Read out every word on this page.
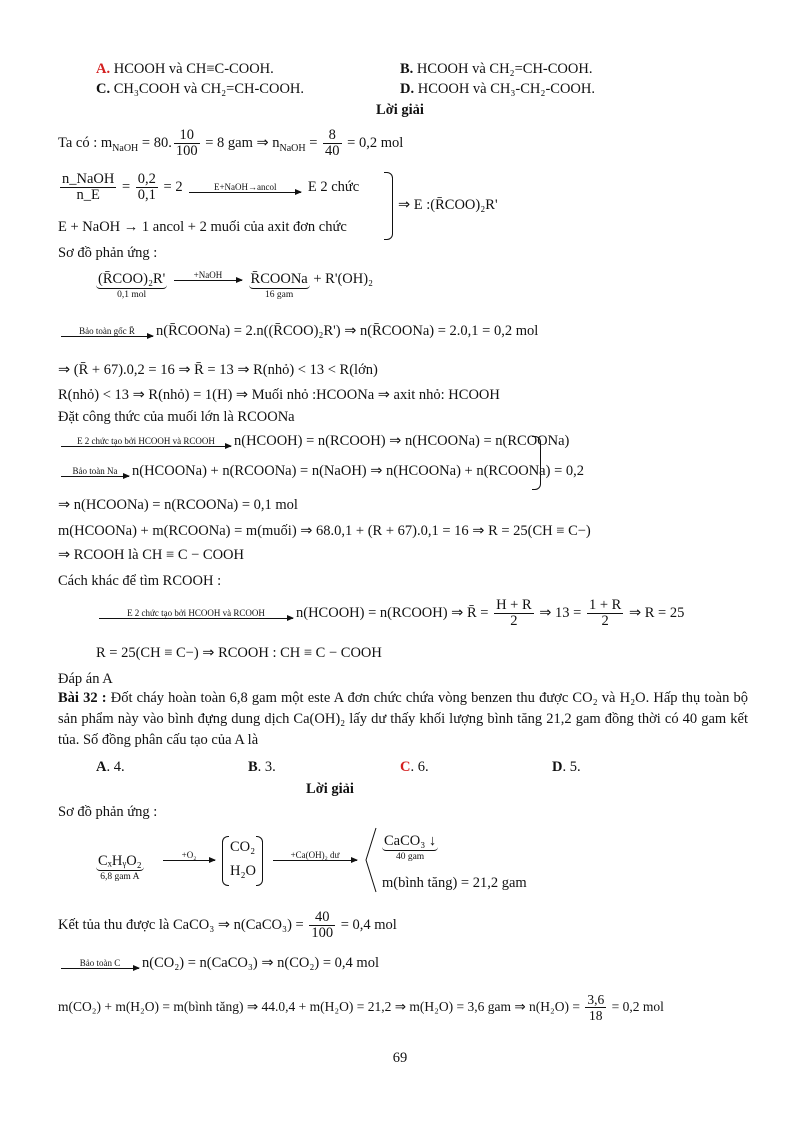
A. HCOOH và CH≡C-COOH.	B. HCOOH và CH₂=CH-COOH.
C. CH₃COOH và CH₂=CH-COOH.	D. HCOOH và CH₃-CH₂-COOH.
Lời giải
Ta có : $m_{NaOH} = 80$. $\frac{10}{100} = 8$ gam ⇒ $n_{NaOH} = \frac{8}{40} = 0,2$ mol
$\frac{\text{n\_NaOH}}{n\_E} = \frac{0,2}{0,1} = 2$	E+NaOH→ancol	E 2 chức
E + NaOH → 1 ancol + 2 muối của axit đơn chức
⇒ E :(R̄COO)₂R'
Sơ đồ phản ứng :
(R̄COO)₂R'
0,1 mol

+NaOH
	R̄COONa
16 gam
+ R'(OH)₂
Bảo toàn gốc R̄	n(R̄COONa) = 2.n((R̄COO)₂R') ⇒ n(R̄COONa) = 2.0,1 = 0,2 mol
⇒ (R̄ + 67).0,2 = 16 ⇒ R̄ = 13 ⇒ R(nhỏ) < 13 < R(lớn)
R(nhỏ) < 13 ⇒ R(nhỏ) = 1(H) ⇒ Muối nhỏ :HCOONa ⇒ axit nhỏ: HCOOH
Đặt công thức của muối lớn là RCOONa
E 2 chức tạo bởi HCOOH và RCOOH	n(HCOOH) = n(RCOOH) ⇒ n(HCOONa) = n(RCOONa)
Bảo toàn Na	n(HCOONa) + n(RCOONa) = n(NaOH) ⇒ n(HCOONa) + n(RCOONa) = 0,2
⇒ n(HCOONa) = n(RCOONa) = 0,1 mol
m(HCOONa) + m(RCOONa) = m(muối) ⇒ 68.0,1 + (R + 67).0,1 = 16 ⇒ R = 25(CH ≡ C−)
⇒ RCOOH là CH ≡ C − COOH
Cách khác để tìm RCOOH :
E 2 chức tạo bởi HCOOH và RCOOH	n(HCOOH) = n(RCOOH) ⇒ R̄ = $\frac{H + R}{2}$ ⇒ $13 = \frac{1 + R}{2}$ ⇒ R = 25
R = 25(CH ≡ C−) ⇒ RCOOH : CH ≡ C − COOH
Đáp án A
Bài 32 : Đốt cháy hoàn toàn 6,8 gam một este A đơn chức chứa vòng benzen thu được CO₂ và H₂O. Hấp thụ toàn bộ sản phẩm này vào bình đựng dung dịch Ca(OH)₂ lấy dư thấy khối lượng bình tăng 21,2 gam đồng thời có 40 gam kết tủa. Số đồng phân cấu tạo của A là
A. 4.	B. 3.	C. 6.	D. 5.
Lời giải
Sơ đồ phản ứng :
CₓHᵧO₂
6,8 gam A
+O₂
CO₂
H₂O
+Ca(OH)₂ dư
CaCO₃ ↓
40 gam
m(bình tăng) = 21,2 gam
Kết tủa thu được là CaCO₃ ⇒ n(CaCO₃) = $\frac{40}{100} = 0,4$ mol
Bảo toàn C	n(CO₂) = n(CaCO₃) ⇒ n(CO₂) = 0,4 mol
m(CO₂) + m(H₂O) = m(bình tăng) ⇒ 44.0,4 + m(H₂O) = 21,2 ⇒ m(H₂O) = 3,6 gam ⇒ $n(H_2O) = \frac{3,6}{18} = 0,2$ mol
69
